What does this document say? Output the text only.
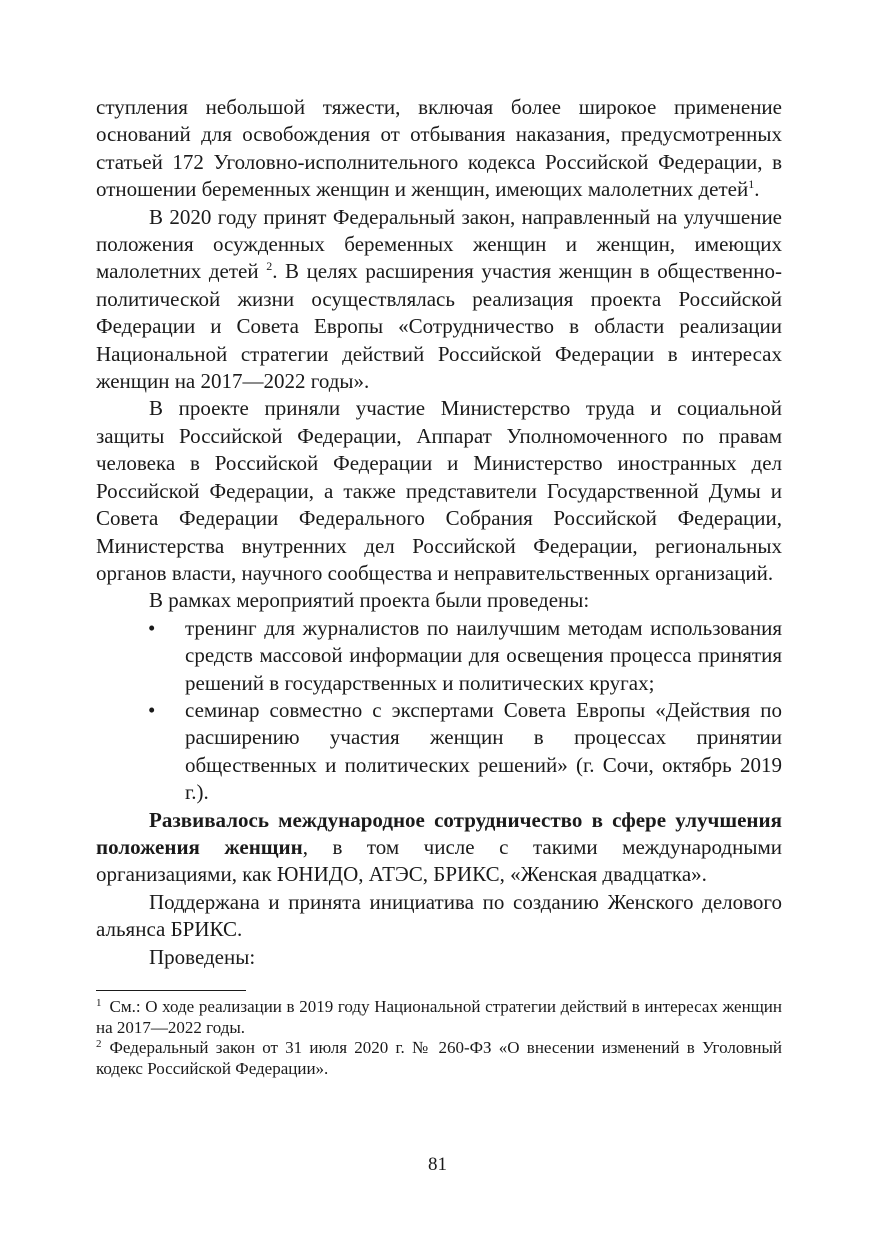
ступления небольшой тяжести, включая более широкое применение оснований для освобождения от отбывания наказания, предусмотренных статьей 172 Уголовно-исполнительного кодекса Российской Федерации, в отношении беременных женщин и женщин, имеющих малолетних детей$^1$.

В 2020 году принят Федеральный закон, направленный на улучшение положения осужденных беременных женщин и женщин, имеющих малолетних детей $^2$. В целях расширения участия женщин в общественно-политической жизни осуществлялась реализация проекта Российской Федерации и Совета Европы «Сотрудничество в области реализации Национальной стратегии действий Российской Федерации в интересах женщин на 2017—2022 годы».

В проекте приняли участие Министерство труда и социальной защиты Российской Федерации, Аппарат Уполномоченного по правам человека в Российской Федерации и Министерство иностранных дел Российской Федерации, а также представители Государственной Думы и Совета Федерации Федерального Собрания Российской Федерации, Министерства внутренних дел Российской Федерации, региональных органов власти, научного сообщества и неправительственных организаций.

В рамках мероприятий проекта были проведены:

• тренинг для журналистов по наилучшим методам использования средств массовой информации для освещения процесса принятия решений в государственных и политических кругах;
• семинар совместно с экспертами Совета Европы «Действия по расширению участия женщин в процессах принятии общественных и политических решений» (г. Сочи, октябрь 2019 г.).

Развивалось международное сотрудничество в сфере улучшения положения женщин, в том числе с такими международными организациями, как ЮНИДО, АТЭС, БРИКС, «Женская двадцатка».

Поддержана и принята инициатива по созданию Женского делового альянса БРИКС.

Проведены:

$^1$ См.: О ходе реализации в 2019 году Национальной стратегии действий в интересах женщин на 2017—2022 годы.

$^2$ Федеральный закон от 31 июля 2020 г. № 260-ФЗ «О внесении изменений в Уголовный кодекс Российской Федерации».

81
